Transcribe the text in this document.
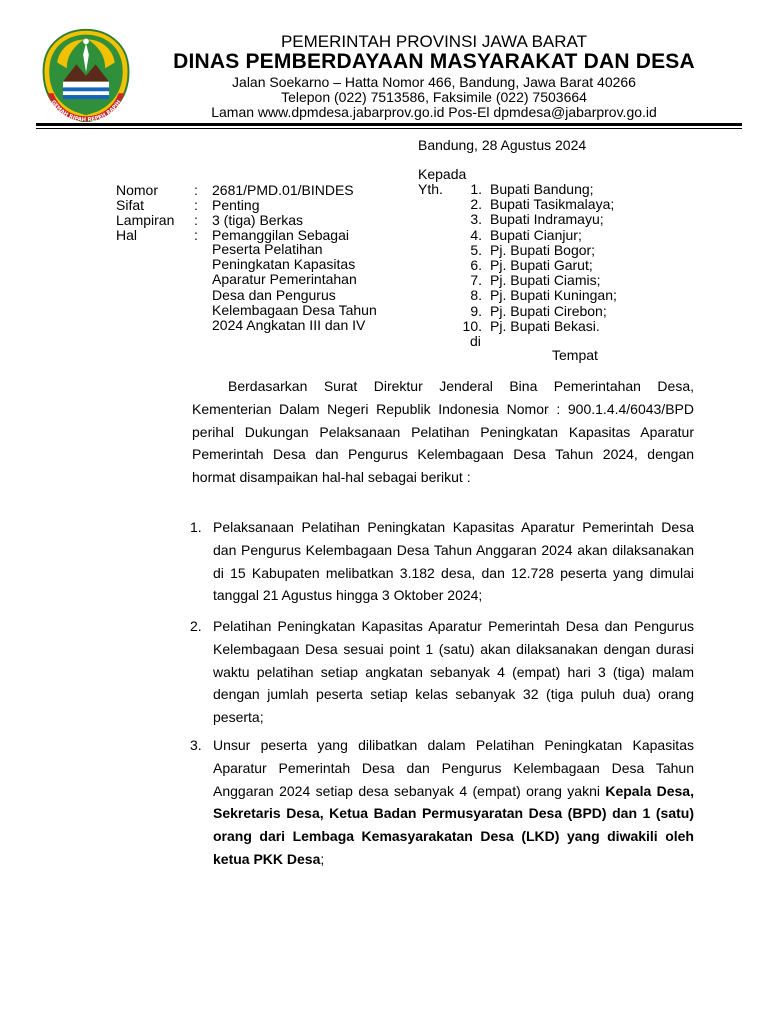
GEMAH RIPAH REPEH RAPIH
PEMERINTAH PROVINSI JAWA BARAT
DINAS PEMBERDAYAAN MASYARAKAT DAN DESA
Jalan Soekarno – Hatta Nomor 466, Bandung, Jawa Barat 40266
Telepon (022) 7513586, Faksimile (022) 7503664
Laman www.dpmdesa.jabarprov.go.id Pos-El dpmdesa@jabarprov.go.id
Bandung, 28 Agustus 2024
Nomor	: 2681/PMD.01/BINDES
Sifat	: Penting
Lampiran : 3 (tiga) Berkas
Hal	: Pemanggilan Sebagai
Peserta Pelatihan
Peningkatan Kapasitas
Aparatur Pemerintahan
Desa dan Pengurus
Kelembagaan Desa Tahun
2024 Angkatan III dan IV
Kepada
Yth.	1. Bupati Bandung;
2. Bupati Tasikmalaya;
3. Bupati Indramayu;
4. Bupati Cianjur;
5. Pj. Bupati Bogor;
6. Pj. Bupati Garut;
7. Pj. Bupati Ciamis;
8. Pj. Bupati Kuningan;
9. Pj. Bupati Cirebon;
10. Pj. Bupati Bekasi.
di
Tempat
Berdasarkan Surat Direktur Jenderal Bina Pemerintahan Desa, Kementerian Dalam Negeri Republik Indonesia Nomor : 900.1.4.4/6043/BPD perihal Dukungan Pelaksanaan Pelatihan Peningkatan Kapasitas Aparatur Pemerintah Desa dan Pengurus Kelembagaan Desa Tahun 2024, dengan hormat disampaikan hal-hal sebagai berikut :
1. Pelaksanaan Pelatihan Peningkatan Kapasitas Aparatur Pemerintah Desa dan Pengurus Kelembagaan Desa Tahun Anggaran 2024 akan dilaksanakan di 15 Kabupaten melibatkan 3.182 desa, dan 12.728 peserta yang dimulai tanggal 21 Agustus hingga 3 Oktober 2024;
2. Pelatihan Peningkatan Kapasitas Aparatur Pemerintah Desa dan Pengurus Kelembagaan Desa sesuai point 1 (satu) akan dilaksanakan dengan durasi waktu pelatihan setiap angkatan sebanyak 4 (empat) hari 3 (tiga) malam dengan jumlah peserta setiap kelas sebanyak 32 (tiga puluh dua) orang peserta;
3. Unsur peserta yang dilibatkan dalam Pelatihan Peningkatan Kapasitas Aparatur Pemerintah Desa dan Pengurus Kelembagaan Desa Tahun Anggaran 2024 setiap desa sebanyak 4 (empat) orang yakni Kepala Desa, Sekretaris Desa, Ketua Badan Permusyaratan Desa (BPD) dan 1 (satu) orang dari Lembaga Kemasyarakatan Desa (LKD) yang diwakili oleh ketua PKK Desa;
